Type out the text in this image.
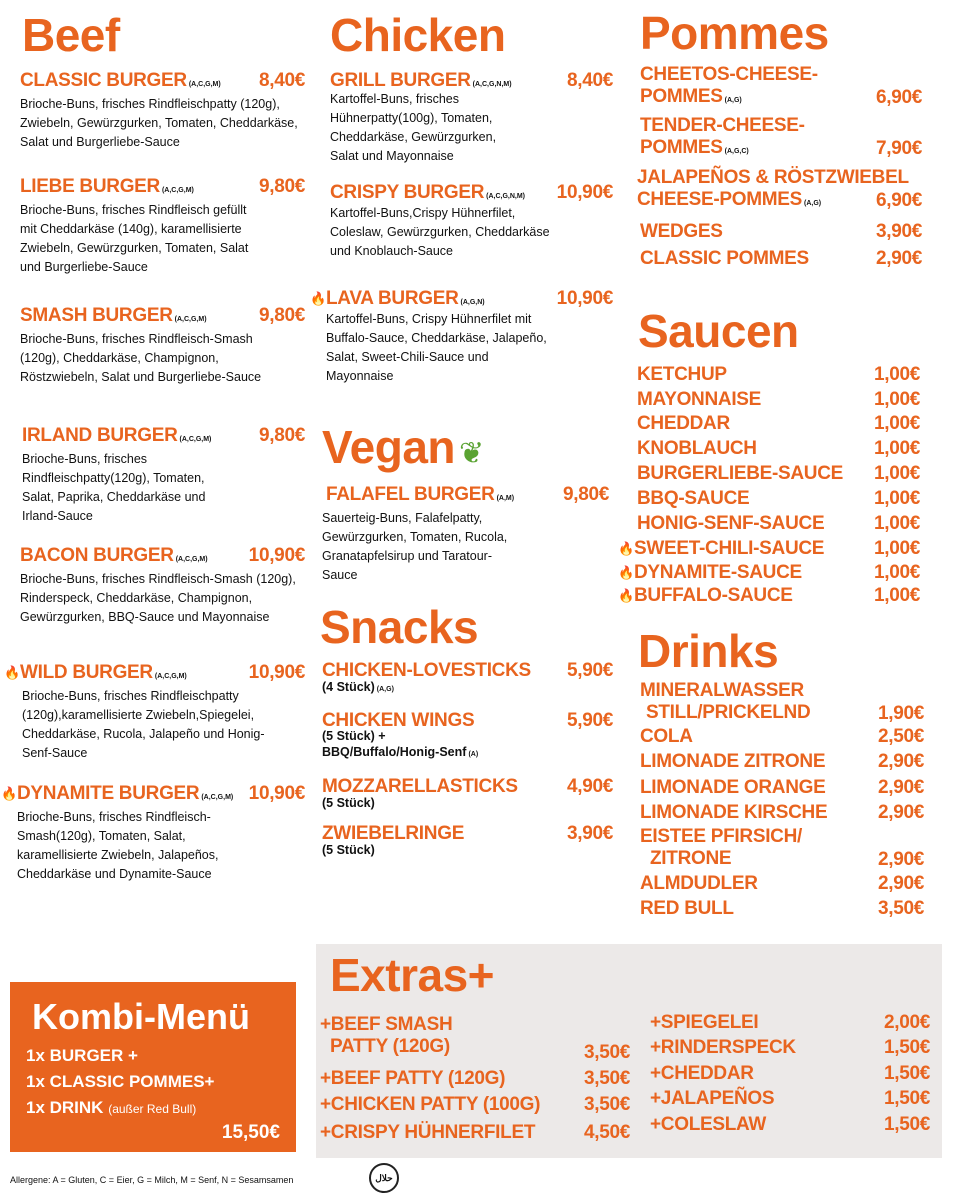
Beef
CLASSIC BURGER (A,C,G,M) 8,40€
Brioche-Buns, frisches Rindfleischpatty (120g), Zwiebeln, Gewürzgurken, Tomaten, Cheddarkäse, Salat und Burgerliebe-Sauce
LIEBE BURGER (A,C,G,M)	9,80€
Brioche-Buns, frisches Rindfleisch gefüllt mit Cheddarkäse (140g), karamellisierte Zwiebeln, Gewürzgurken, Tomaten, Salat und Burgerliebe-Sauce
SMASH BURGER (A,C,G,M)	9,80€
Brioche-Buns, frisches Rindfleisch-Smash (120g), Cheddarkäse, Champignon, Röstzwiebeln, Salat und Burgerliebe-Sauce
IRLAND BURGER (A,C,G,M)	9,80€
Brioche-Buns, frisches Rindfleischpatty(120g), Tomaten, Salat, Paprika, Cheddarkäse und Irland-Sauce
BACON BURGER (A,C,G,M) 10,90€
Brioche-Buns, frisches Rindfleisch-Smash (120g), Rinderspeck, Cheddarkäse, Champignon, Gewürzgurken, BBQ-Sauce und Mayonnaise
🔥 WILD BURGER (A,C,G,M)	10,90€
Brioche-Buns, frisches Rindfleischpatty (120g),karamellisierte Zwiebeln,Spiegelei, Cheddarkäse, Rucola, Jalapeño und Honig-Senf-Sauce
🔥 DYNAMITE BURGER (A,C,G,M) 10,90€
Brioche-Buns, frisches Rindfleisch-Smash(120g), Tomaten, Salat, karamellisierte Zwiebeln, Jalapeños, Cheddarkäse und Dynamite-Sauce
Chicken
GRILL BURGER (A,C,G,N,M)	8,40€
Kartoffel-Buns, frisches Hühnerpatty(100g), Tomaten, Cheddarkäse, Gewürzgurken, Salat und Mayonnaise
CRISPY BURGER (A,C,G,N,M) 10,90€
Kartoffel-Buns,Crispy Hühnerfilet, Coleslaw, Gewürzgurken, Cheddarkäse und Knoblauch-Sauce
🔥 LAVA BURGER (A,G,N)	10,90€
Kartoffel-Buns, Crispy Hühnerfilet mit Buffalo-Sauce, Cheddarkäse, Jalapeño, Salat, Sweet-Chili-Sauce und Mayonnaise
Vegan ❦
FALAFEL BURGER (A,M)	9,80€
Sauerteig-Buns, Falafelpatty, Gewürzgurken, Tomaten, Rucola, Granatapfelsirup und Taratour-Sauce
Snacks
CHICKEN-LOVESTICKS 5,90€
(4 Stück) (A,G)
CHICKEN WINGS	5,90€
(5 Stück) +
BBQ/Buffalo/Honig-Senf (A)
MOZZARELLASTICKS	4,90€
(5 Stück)
ZWIEBELRINGE	3,90€
(5 Stück)
Pommes
CHEETOS-CHEESE-
POMMES (A,G)	6,90€
TENDER-CHEESE-
POMMES (A,G,C)	7,90€
JALAPEÑOS & RÖSTZWIEBEL
CHEESE-POMMES (A,G)	6,90€
WEDGES	3,90€
CLASSIC POMMES	2,90€
Saucen
KETCHUP	1,00€
MAYONNAISE	1,00€
CHEDDAR	1,00€
KNOBLAUCH	1,00€
BURGERLIEBE-SAUCE 1,00€
BBQ-SAUCE	1,00€
HONIG-SENF-SAUCE	1,00€
🔥 SWEET-CHILI-SAUCE	1,00€
🔥 DYNAMITE-SAUCE	1,00€
🔥 BUFFALO-SAUCE	1,00€
Drinks
MINERALWASSER
STILL/PRICKELND	1,90€
COLA	2,50€
LIMONADE ZITRONE	2,90€
LIMONADE ORANGE	2,90€
LIMONADE KIRSCHE	2,90€
EISTEE PFIRSICH/
ZITRONE	2,90€
ALMDUDLER	2,90€
RED BULL	3,50€
Kombi-Menü
1x BURGER +
1x CLASSIC POMMES+
1x DRINK (außer Red Bull)
15,50€
Extras+
+BEEF SMASH
PATTY (120G)	3,50€
+BEEF PATTY (120G)	3,50€
+CHICKEN PATTY (100G) 3,50€
+CRISPY HÜHNERFILET	4,50€
+SPIEGELEI	2,00€
+RINDERSPECK	1,50€
+CHEDDAR	1,50€
+JALAPEÑOS	1,50€
+COLESLAW	1,50€
Allergene: A = Gluten, C = Eier, G = Milch, M = Senf, N = Sesamsamen	حلال
